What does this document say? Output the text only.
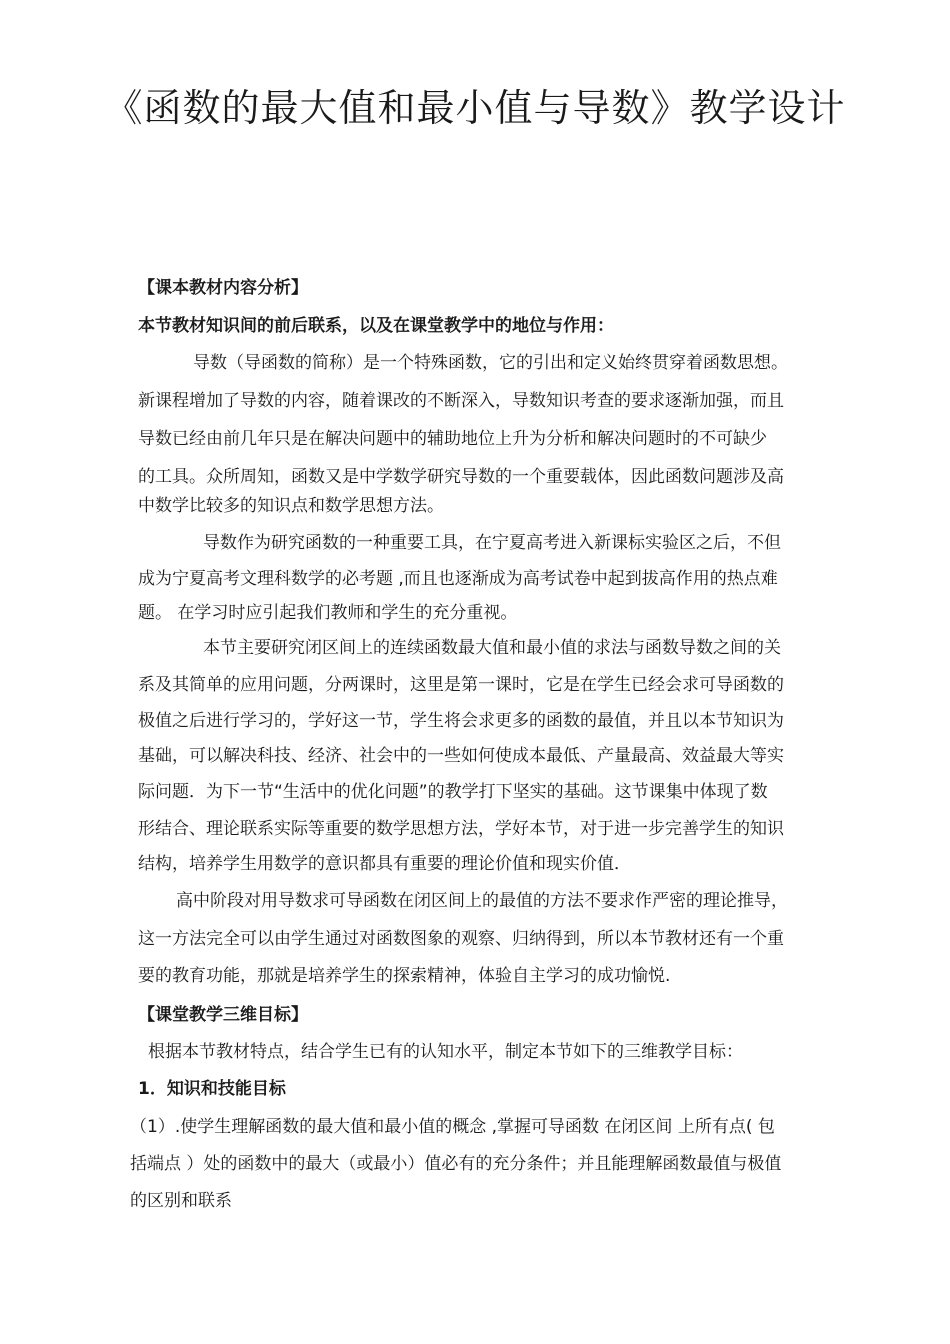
《函数的最大值和最小值与导数》教学设计

【课本教材内容分析】

本节教材知识间的前后联系，以及在课堂教学中的地位与作用：

导数（导函数的简称）是一个特殊函数，它的引出和定义始终贯穿着函数思想。

新课程增加了导数的内容，随着课改的不断深入，导数知识考查的要求逐渐加强，而且

导数已经由前几年只是在解决问题中的辅助地位上升为分析和解决问题时的不可缺少

的工具。众所周知，函数又是中学数学研究导数的一个重要载体，因此函数问题涉及高

中数学比较多的知识点和数学思想方法。

导数作为研究函数的一种重要工具，在宁夏高考进入新课标实验区之后，不但

成为宁夏高考文理科数学的必考题 ,而且也逐渐成为高考试卷中起到拔高作用的热点难

题。 在学习时应引起我们教师和学生的充分重视。

本节主要研究闭区间上的连续函数最大值和最小值的求法与函数导数之间的关

系及其简单的应用问题，分两课时，这里是第一课时，它是在学生已经会求可导函数的

极值之后进行学习的，学好这一节，学生将会求更多的函数的最值，并且以本节知识为

基础，可以解决科技、经济、社会中的一些如何使成本最低、产量最高、效益最大等实

际问题．为下一节“生活中的优化问题”的教学打下坚实的基础。这节课集中体现了数

形结合、理论联系实际等重要的数学思想方法，学好本节，对于进一步完善学生的知识

结构，培养学生用数学的意识都具有重要的理论价值和现实价值．

高中阶段对用导数求可导函数在闭区间上的最值的方法不要求作严密的理论推导，

这一方法完全可以由学生通过对函数图象的观察、归纳得到，所以本节教材还有一个重

要的教育功能，那就是培养学生的探索精神，体验自主学习的成功愉悦.

【课堂教学三维目标】

根据本节教材特点，结合学生已有的认知水平，制定本节如下的三维教学目标：

1．知识和技能目标

（1）.使学生理解函数的最大值和最小值的概念 ,掌握可导函数 在闭区间 上所有点( 包

括端点 ）处的函数中的最大（或最小）值必有的充分条件；并且能理解函数最值与极值

的区别和联系
